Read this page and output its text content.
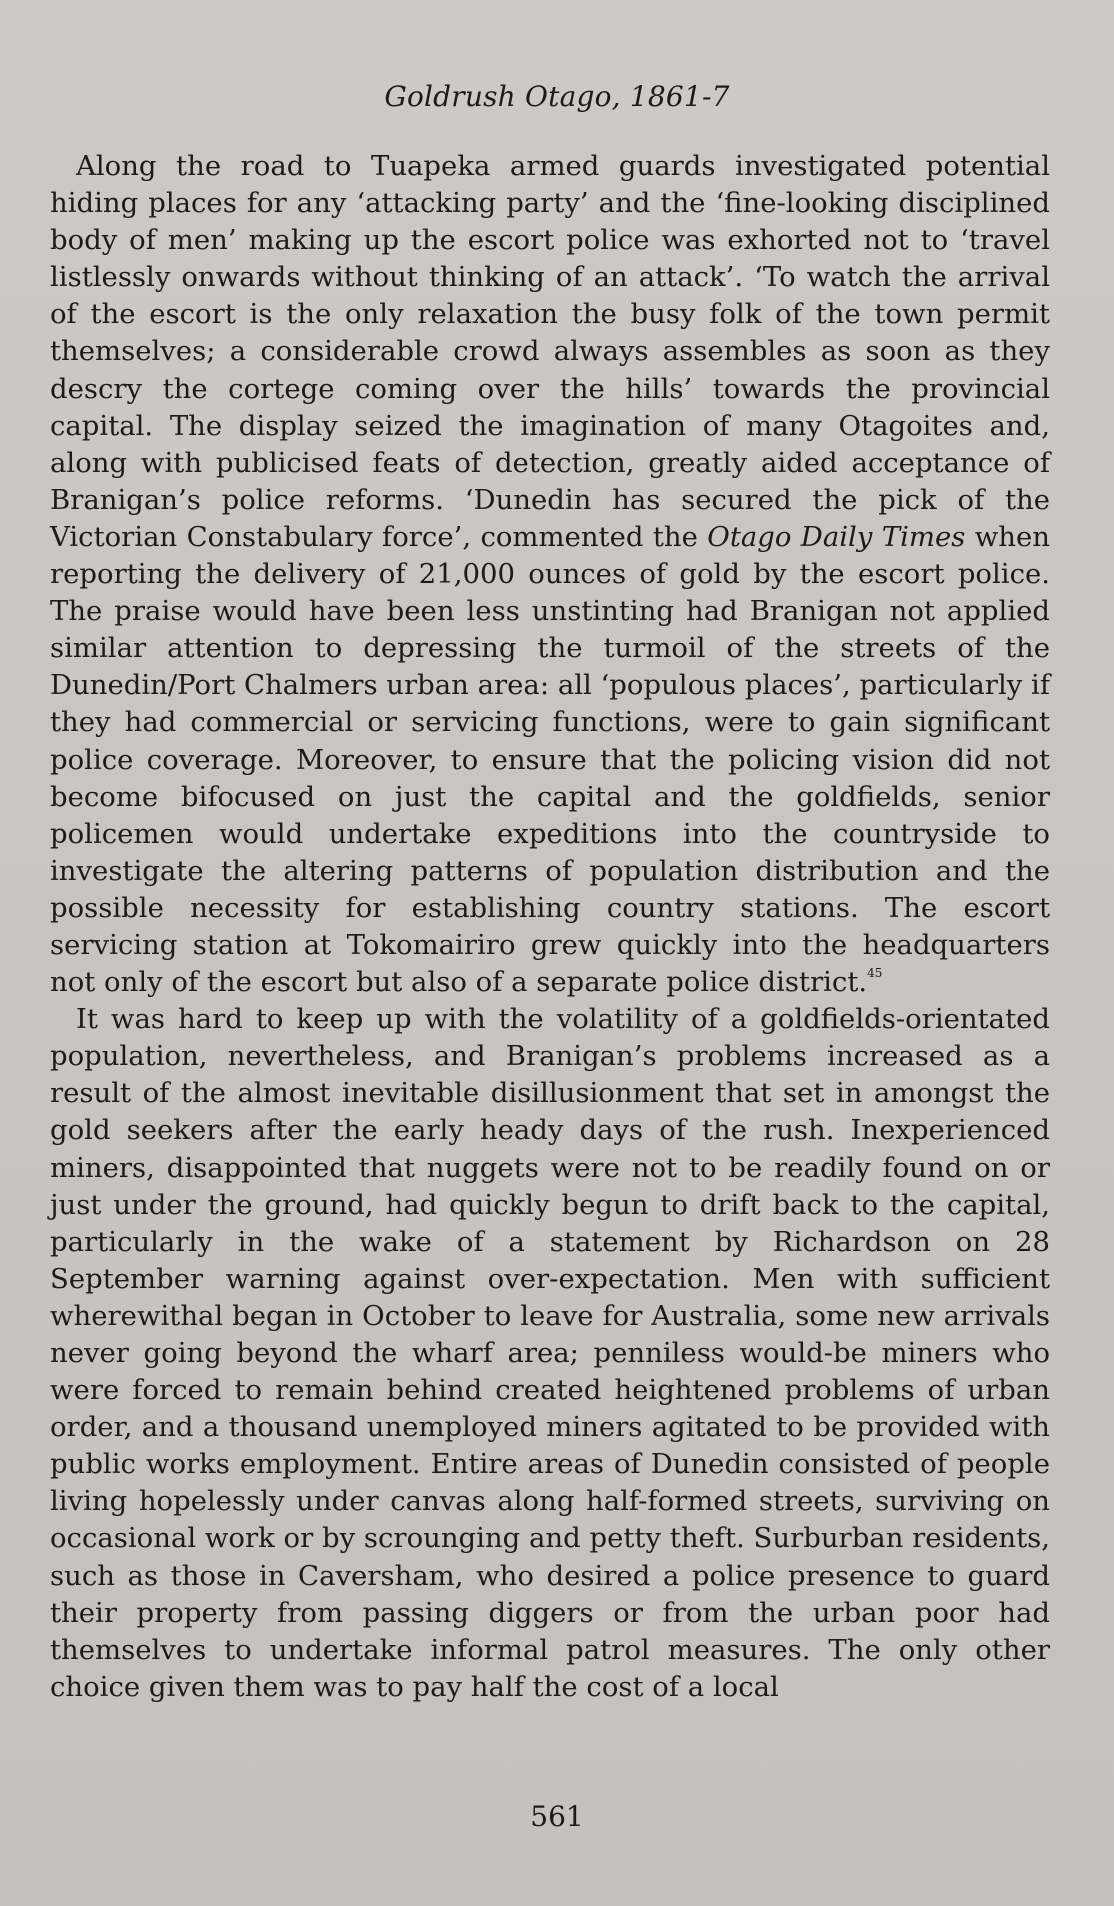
Goldrush Otago, 1861-7

Along the road to Tuapeka armed guards investigated potential hiding places for any ‘attacking party’ and the ‘fine-looking disciplined body of men’ making up the escort police was exhorted not to ‘travel listlessly onwards without thinking of an attack’. ‘To watch the arrival of the escort is the only relaxation the busy folk of the town permit themselves; a considerable crowd always assembles as soon as they descry the cortege coming over the hills’ towards the provincial capital. The display seized the imagination of many Otagoites and, along with publicised feats of detection, greatly aided acceptance of Branigan’s police reforms. ‘Dunedin has secured the pick of the Victorian Constabulary force’, commented the Otago Daily Times when reporting the delivery of 21,000 ounces of gold by the escort police. The praise would have been less unstinting had Branigan not applied similar attention to depressing the turmoil of the streets of the Dunedin/Port Chalmers urban area: all ‘populous places’, particularly if they had commercial or servicing functions, were to gain significant police coverage. Moreover, to ensure that the policing vision did not become bifocused on just the capital and the goldfields, senior policemen would undertake expeditions into the countryside to investigate the altering patterns of population distribution and the possible necessity for establishing country stations. The escort servicing station at Tokomairiro grew quickly into the headquarters not only of the escort but also of a separate police district.$^{45}$

It was hard to keep up with the volatility of a goldfields-orientated population, nevertheless, and Branigan’s problems increased as a result of the almost inevitable disillusionment that set in amongst the gold seekers after the early heady days of the rush. Inexperienced miners, disappointed that nuggets were not to be readily found on or just under the ground, had quickly begun to drift back to the capital, particularly in the wake of a statement by Richardson on 28 September warning against over-expectation. Men with sufficient wherewithal began in October to leave for Australia, some new arrivals never going beyond the wharf area; penniless would-be miners who were forced to remain behind created heightened problems of urban order, and a thousand unemployed miners agitated to be provided with public works employment. Entire areas of Dunedin consisted of people living hopelessly under canvas along half-formed streets, surviving on occasional work or by scrounging and petty theft. Surburban residents, such as those in Caversham, who desired a police presence to guard their property from passing diggers or from the urban poor had themselves to undertake informal patrol measures. The only other choice given them was to pay half the cost of a local

561
